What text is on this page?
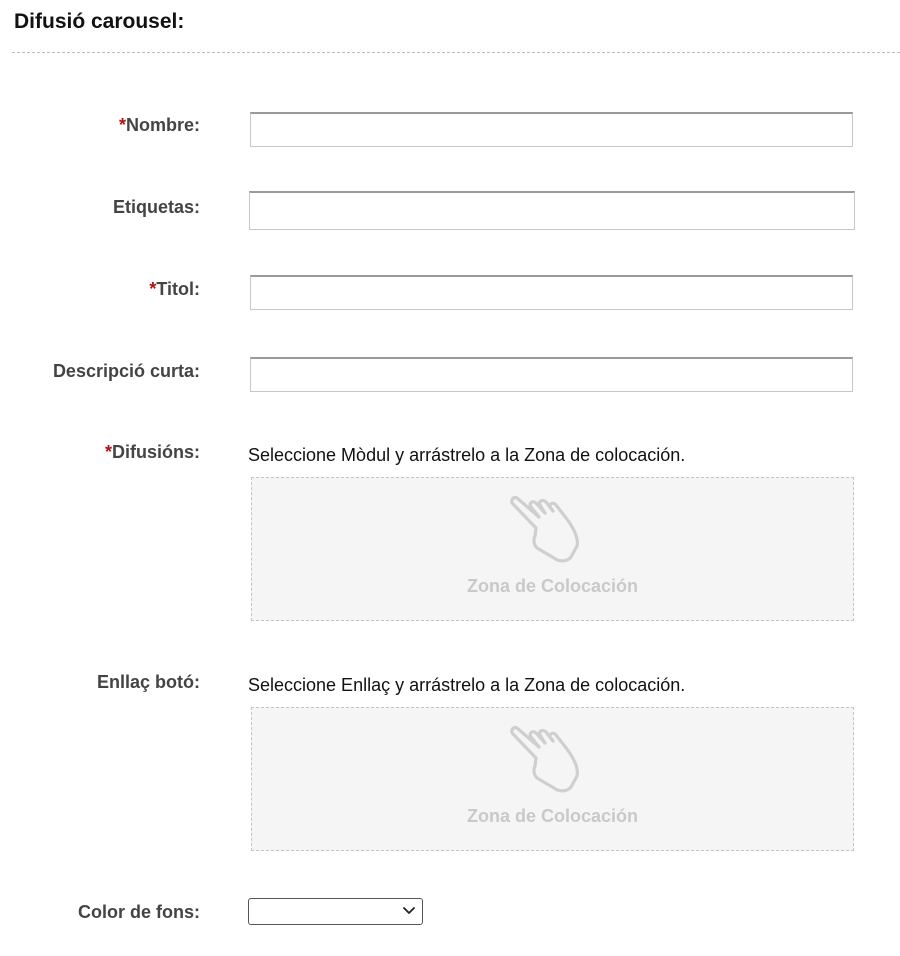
Difusió carousel:
*Nombre:
Etiquetas:
*Titol:
Descripció curta:
*Difusións:	Seleccione Mòdul y arrástrelo a la Zona de colocación.
Zona de Colocación
Enllaç botó:	Seleccione Enllaç y arrástrelo a la Zona de colocación.
Zona de Colocación
Color de fons:
